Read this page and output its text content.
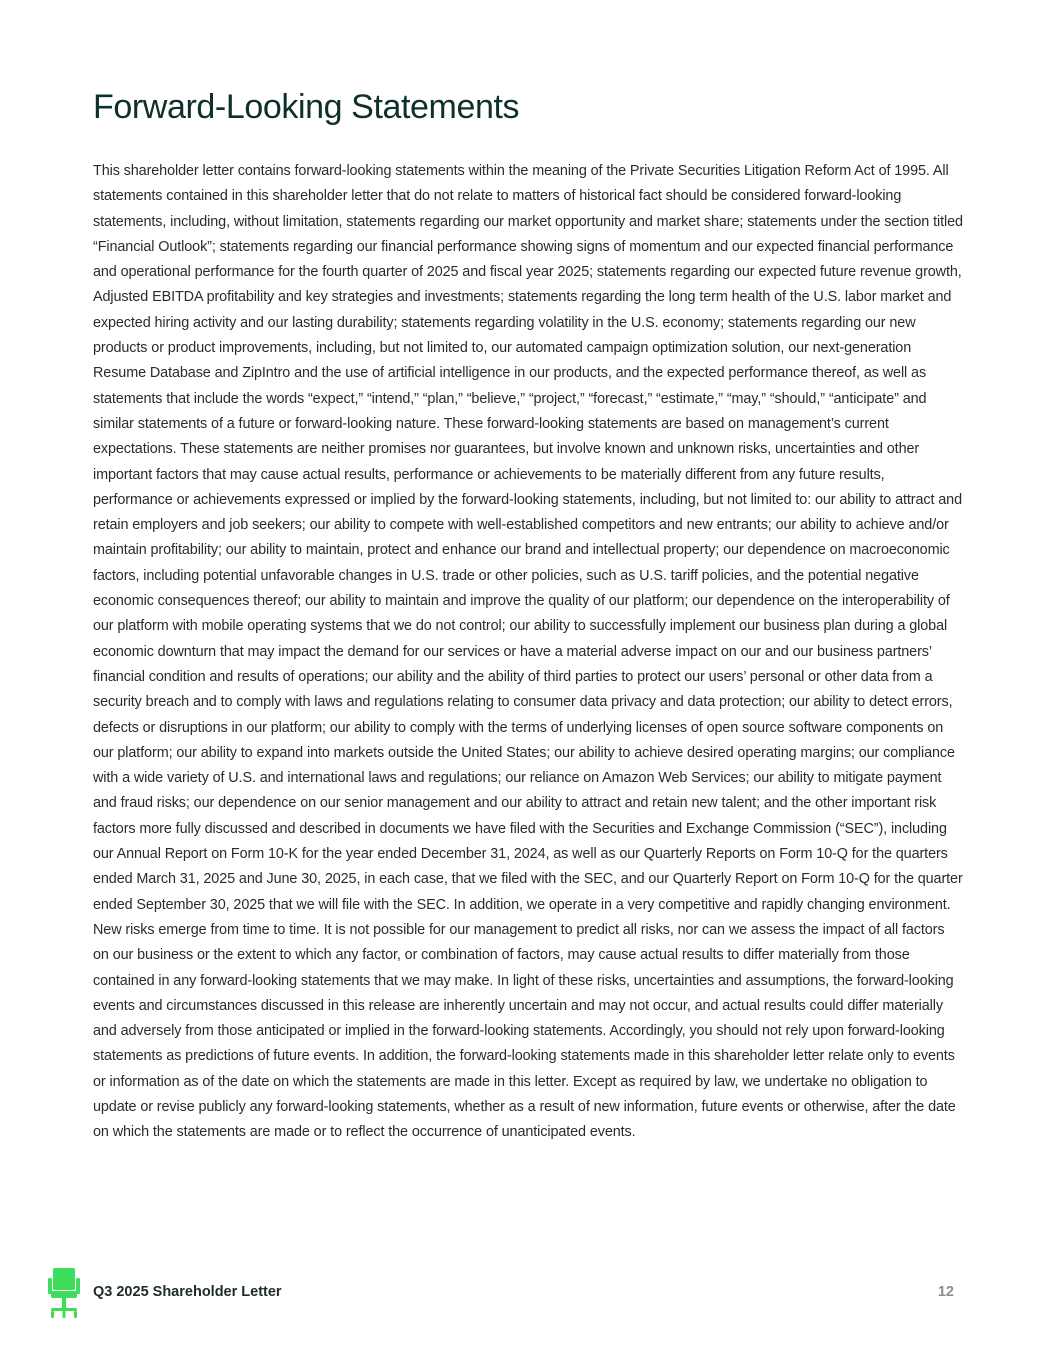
Forward-Looking Statements

This shareholder letter contains forward-looking statements within the meaning of the Private Securities Litigation Reform Act of 1995. All statements contained in this shareholder letter that do not relate to matters of historical fact should be considered forward-looking statements, including, without limitation, statements regarding our market opportunity and market share; statements under the section titled “Financial Outlook”; statements regarding our financial performance showing signs of momentum and our expected financial performance and operational performance for the fourth quarter of 2025 and fiscal year 2025; statements regarding our expected future revenue growth, Adjusted EBITDA profitability and key strategies and investments; statements regarding the long term health of the U.S. labor market and expected hiring activity and our lasting durability; statements regarding volatility in the U.S. economy; statements regarding our new products or product improvements, including, but not limited to, our automated campaign optimization solution, our next-generation Resume Database and ZipIntro and the use of artificial intelligence in our products, and the expected performance thereof, as well as statements that include the words “expect,” “intend,” “plan,” “believe,” “project,” “forecast,” “estimate,” “may,” “should,” “anticipate” and similar statements of a future or forward-looking nature. These forward-looking statements are based on management’s current expectations. These statements are neither promises nor guarantees, but involve known and unknown risks, uncertainties and other important factors that may cause actual results, performance or achievements to be materially different from any future results, performance or achievements expressed or implied by the forward-looking statements, including, but not limited to: our ability to attract and retain employers and job seekers; our ability to compete with well-established competitors and new entrants; our ability to achieve and/or maintain profitability; our ability to maintain, protect and enhance our brand and intellectual property; our dependence on macroeconomic factors, including potential unfavorable changes in U.S. trade or other policies, such as U.S. tariff policies, and the potential negative economic consequences thereof; our ability to maintain and improve the quality of our platform; our dependence on the interoperability of our platform with mobile operating systems that we do not control; our ability to successfully implement our business plan during a global economic downturn that may impact the demand for our services or have a material adverse impact on our and our business partners’ financial condition and results of operations; our ability and the ability of third parties to protect our users’ personal or other data from a security breach and to comply with laws and regulations relating to consumer data privacy and data protection; our ability to detect errors, defects or disruptions in our platform; our ability to comply with the terms of underlying licenses of open source software components on our platform; our ability to expand into markets outside the United States; our ability to achieve desired operating margins; our compliance with a wide variety of U.S. and international laws and regulations; our reliance on Amazon Web Services; our ability to mitigate payment and fraud risks; our dependence on our senior management and our ability to attract and retain new talent; and the other important risk factors more fully discussed and described in documents we have filed with the Securities and Exchange Commission (“SEC”), including our Annual Report on Form 10-K for the year ended December 31, 2024, as well as our Quarterly Reports on Form 10-Q for the quarters ended March 31, 2025 and June 30, 2025, in each case, that we filed with the SEC, and our Quarterly Report on Form 10-Q for the quarter ended September 30, 2025 that we will file with the SEC. In addition, we operate in a very competitive and rapidly changing environment. New risks emerge from time to time. It is not possible for our management to predict all risks, nor can we assess the impact of all factors on our business or the extent to which any factor, or combination of factors, may cause actual results to differ materially from those contained in any forward-looking statements that we may make. In light of these risks, uncertainties and assumptions, the forward-looking events and circumstances discussed in this release are inherently uncertain and may not occur, and actual results could differ materially and adversely from those anticipated or implied in the forward-looking statements. Accordingly, you should not rely upon forward-looking statements as predictions of future events. In addition, the forward-looking statements made in this shareholder letter relate only to events or information as of the date on which the statements are made in this letter. Except as required by law, we undertake no obligation to update or revise publicly any forward-looking statements, whether as a result of new information, future events or otherwise, after the date on which the statements are made or to reflect the occurrence of unanticipated events.

Q3 2025 Shareholder Letter	12
